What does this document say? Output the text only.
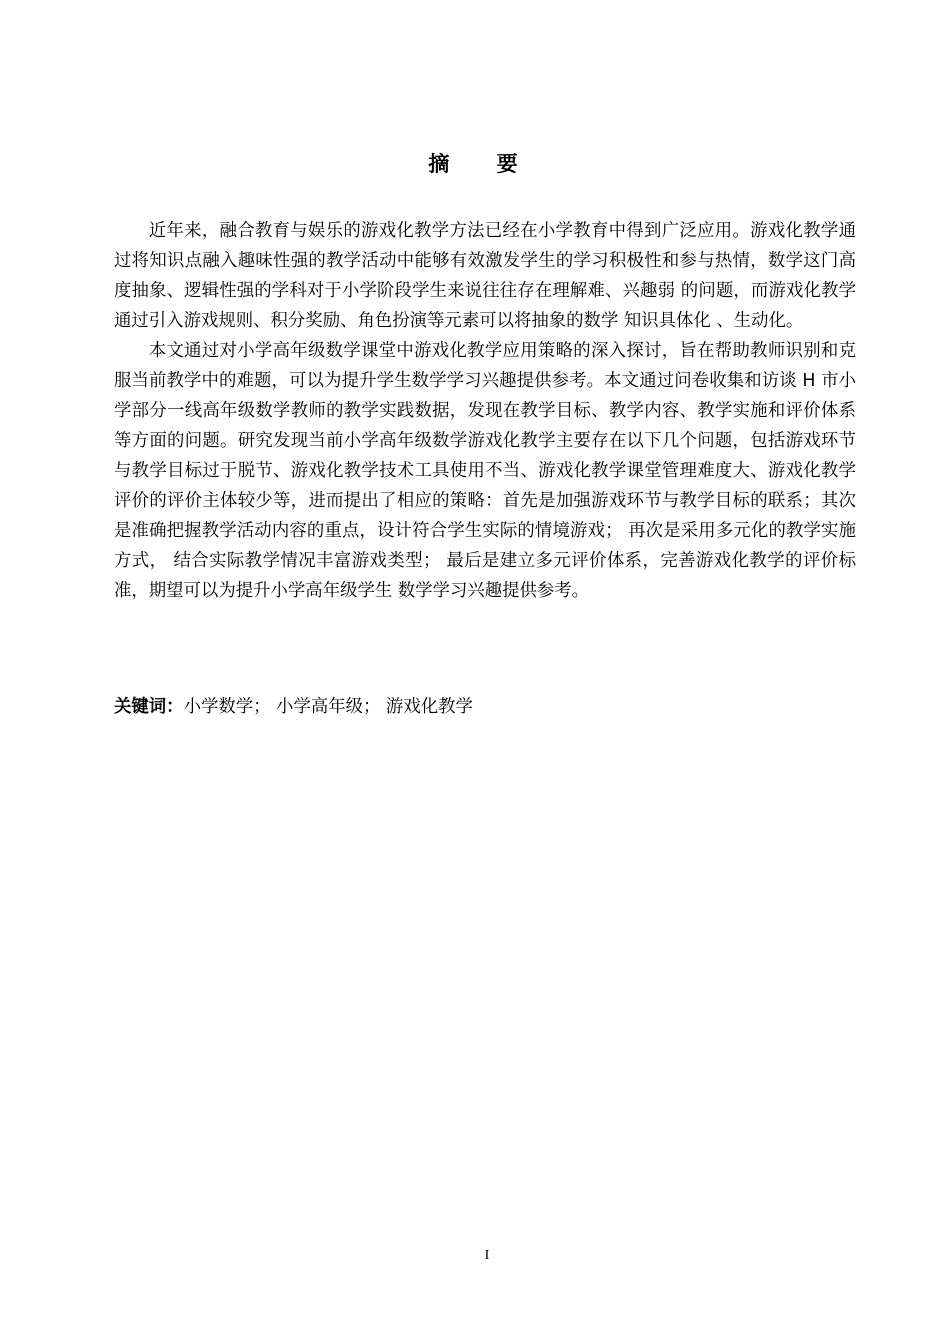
摘 要

近年来，融合教育与娱乐的游戏化教学方法已经在小学教育中得到广泛应用。游戏化教学通过将知识点融入趣味性强的教学活动中能够有效激发学生的学习积极性和参与热情，数学这门高度抽象、逻辑性强的学科对于小学阶段学生来说往往存在理解难、兴趣弱 的问题，而游戏化教学通过引入游戏规则、积分奖励、角色扮演等元素可以将抽象的数学 知识具体化 、生动化。

本文通过对小学高年级数学课堂中游戏化教学应用策略的深入探讨，旨在帮助教师识别和克服当前教学中的难题，可以为提升学生数学学习兴趣提供参考。本文通过问卷收集和访谈 H 市小学部分一线高年级数学教师的教学实践数据，发现在教学目标、教学内容、教学实施和评价体系等方面的问题。研究发现当前小学高年级数学游戏化教学主要存在以下几个问题，包括游戏环节与教学目标过于脱节、游戏化教学技术工具使用不当、游戏化教学课堂管理难度大、游戏化教学评价的评价主体较少等，进而提出了相应的策略：首先是加强游戏环节与教学目标的联系；其次是准确把握教学活动内容的重点，设计符合学生实际的情境游戏； 再次是采用多元化的教学实施方式， 结合实际教学情况丰富游戏类型； 最后是建立多元评价体系，完善游戏化教学的评价标准，期望可以为提升小学高年级学生 数学学习兴趣提供参考。

关键词：小学数学； 小学高年级； 游戏化教学
I
